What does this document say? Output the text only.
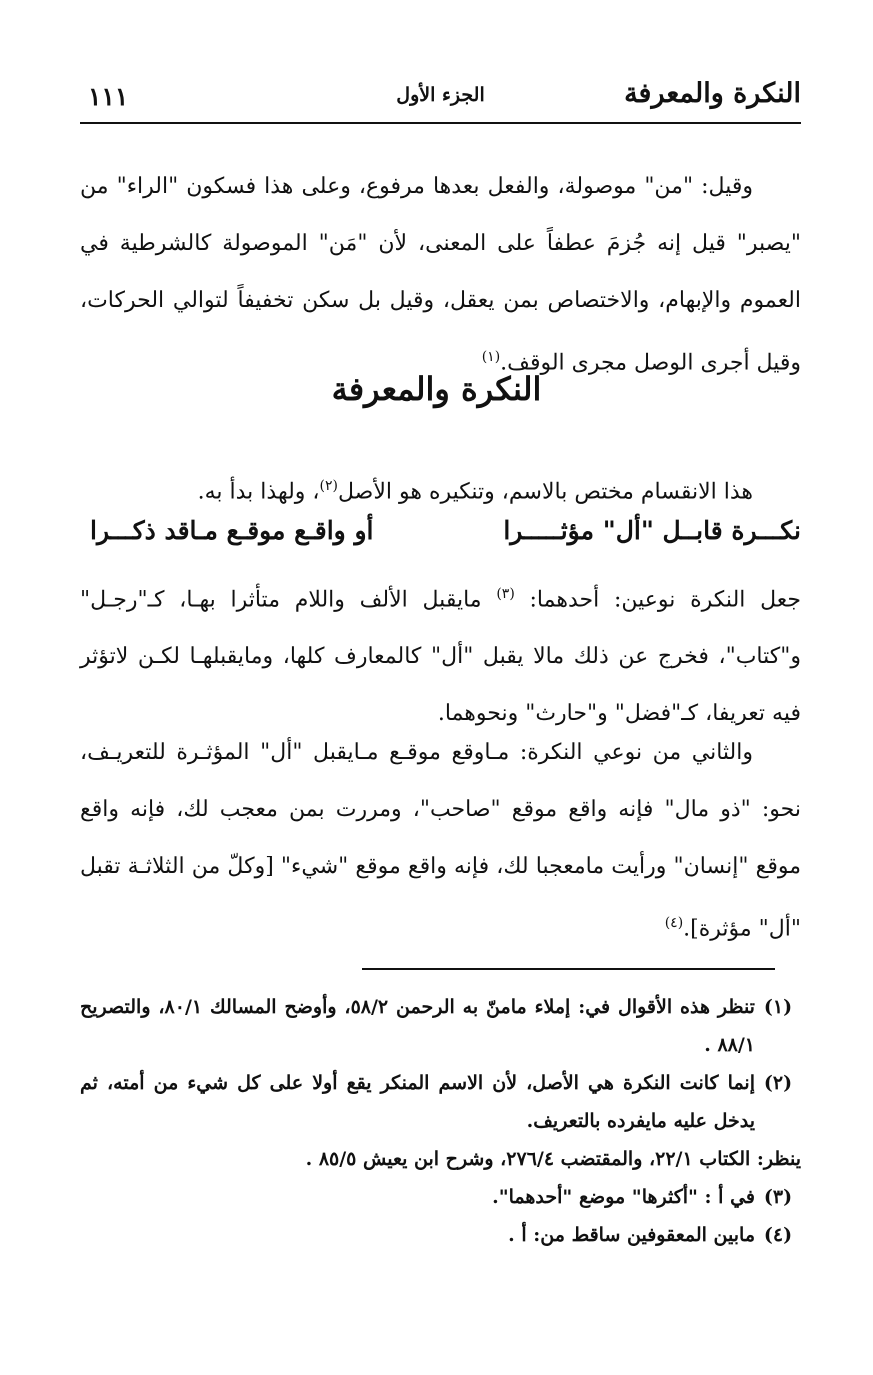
النكرة والمعرفة
الجزء الأول
١١١
وقيل: "من" موصولة، والفعل بعدها مرفوع، وعلى هذا فسكون "الراء" من "يصبر" قيل إنه جُزمَ عطفاً على المعنى، لأن "مَن" الموصولة كالشرطية في العموم والإبهام، والاختصاص بمن يعقل، وقيل بل سكن تخفيفاً لتوالي الحركات، وقيل أجرى الوصل مجرى الوقف.$^{(١)}$
النكرة والمعرفة
هذا الانقسام مختص بالاسم، وتنكيره هو الأصل$^{(٢)}$، ولهذا بدأ به.
نكـــرة قابــل "أل" مؤثـــــرا
أو واقـع موقـع مـاقد ذكـــرا
جعل النكرة نوعين: أحدهما: $^{(٣)}$ مايقبل الألف واللام متأثرا بهـا، كـ"رجـل" و"كتاب"، فخرج عن ذلك مالا يقبل "أل" كالمعارف كلها، ومايقبلهـا لكـن لاتؤثر فيه تعريفا، كـ"فضل" و"حارث" ونحوهما.
والثاني من نوعي النكرة: مـاوقع موقـع مـايقبل "أل" المؤثـرة للتعريـف، نحو: "ذو مال" فإنه واقع موقع "صاحب"، ومررت بمن معجب لك، فإنه واقع موقع "إنسان" ورأيت مامعجبا لك، فإنه واقع موقع "شيء" [وكلّ من الثلاثـة تقبل "أل" مؤثرة].$^{(٤)}$
(١)
تنظر هذه الأقوال في: إملاء مامنّ به الرحمن ٥٨/٢، وأوضح المسالك ٨٠/١، والتصريح ٨٨/١ .
(٢)
إنما كانت النكرة هي الأصل، لأن الاسم المنكر يقع أولا على كل شيء من أمته، ثم يدخل عليه مايفرده بالتعريف.
ينظر: الكتاب ٢٢/١، والمقتضب ٢٧٦/٤، وشرح ابن يعيش ٨٥/٥ .
(٣)
في أ : "أكثرها" موضع "أحدهما".
(٤)
مابين المعقوفين ساقط من: أ .
